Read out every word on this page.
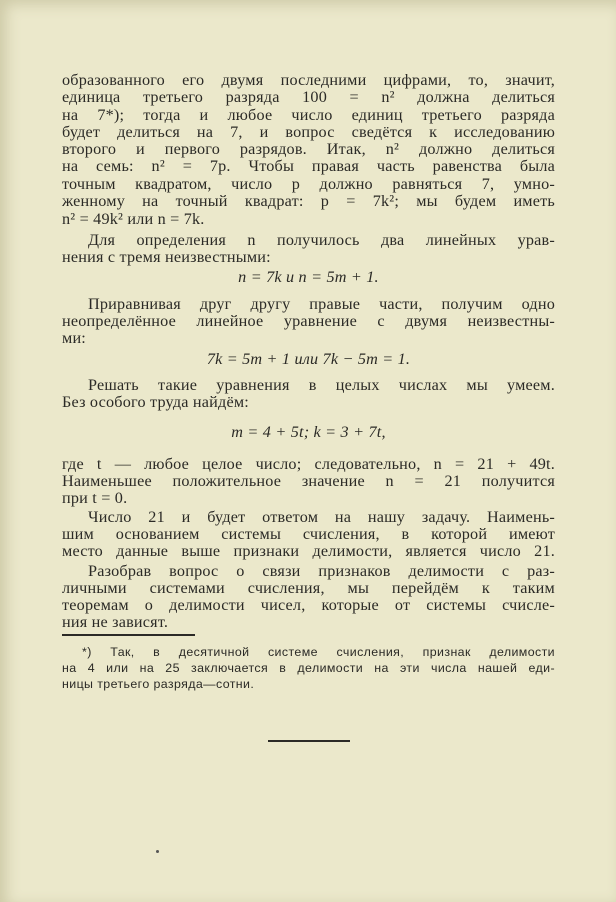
образованного его двумя последними цифрами, то, значит,
единица третьего разряда 100 = n² должна делиться
на 7*); тогда и любое число единиц третьего разряда
будет делиться на 7, и вопрос сведётся к исследованию
второго и первого разрядов. Итак, n² должно делиться
на семь: n² = 7p. Чтобы правая часть равенства была
точным квадратом, число p должно равняться 7, умно-
женному на точный квадрат: p = 7k²; мы будем иметь
n² = 49k² или n = 7k.
Для определения n получилось два линейных урав-
нения с тремя неизвестными:
n = 7k и n = 5m + 1.
Приравнивая друг другу правые части, получим одно
неопределённое линейное уравнение с двумя неизвестны-
ми:
7k = 5m + 1 или 7k − 5m = 1.
Решать такие уравнения в целых числах мы умеем.
Без особого труда найдём:
m = 4 + 5t; k = 3 + 7t,
где t — любое целое число; следовательно, n = 21 + 49t.
Наименьшее положительное значение n = 21 получится
при t = 0.
Число 21 и будет ответом на нашу задачу. Наимень-
шим основанием системы счисления, в которой имеют
место данные выше признаки делимости, является число 21.
Разобрав вопрос о связи признаков делимости с раз-
личными системами счисления, мы перейдём к таким
теоремам о делимости чисел, которые от системы счисле-
ния не зависят.
*) Так, в десятичной системе счисления, признак делимости
на 4 или на 25 заключается в делимости на эти числа нашей еди-
ницы третьего разряда—сотни.
